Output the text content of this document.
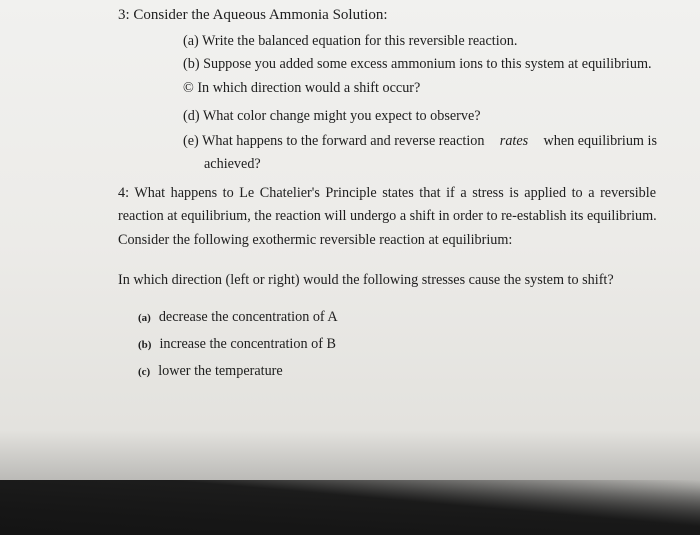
3: Consider the Aqueous Ammonia Solution:
(a) Write the balanced equation for this reversible reaction.
(b) Suppose you added some excess ammonium ions to this system at equilibrium.
© In which direction would a shift occur?
(d) What color change might you expect to observe?
(e) What happens to the forward and reverse reaction rates when equilibrium is
achieved?
4: What happens to Le Chatelier's Principle states that if a stress is applied to a reversible
reaction at equilibrium, the reaction will undergo a shift in order to re-establish its equilibrium.
Consider the following exothermic reversible reaction at equilibrium:
In which direction (left or right) would the following stresses cause the system to shift?
(a) decrease the concentration of A
(b) increase the concentration of B
(c) lower the temperature
